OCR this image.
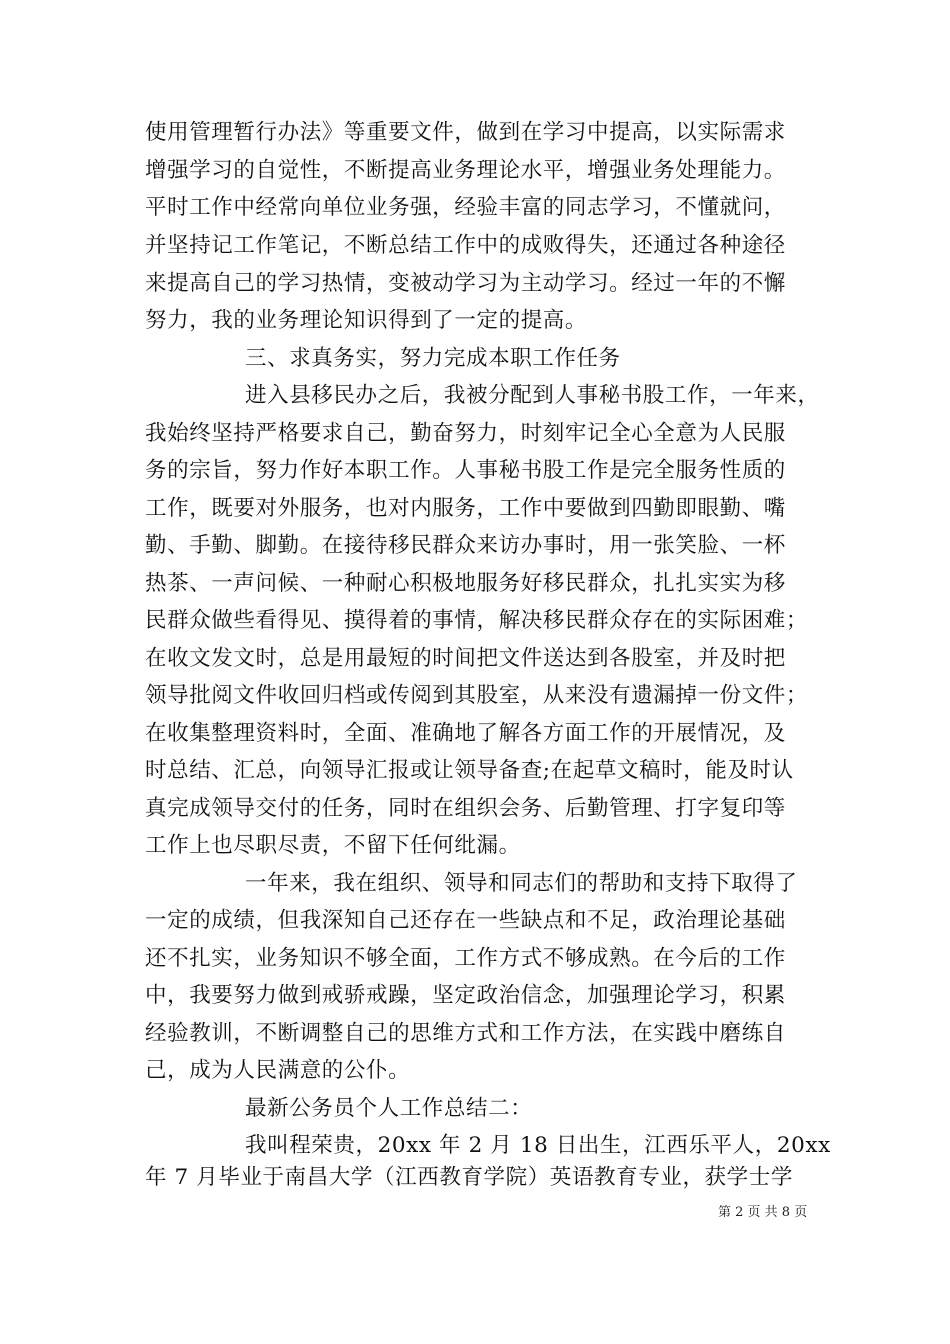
使用管理暂行办法》等重要文件，做到在学习中提高，以实际需求
增强学习的自觉性，不断提高业务理论水平，增强业务处理能力。
平时工作中经常向单位业务强，经验丰富的同志学习，不懂就问，
并坚持记工作笔记，不断总结工作中的成败得失，还通过各种途径
来提高自己的学习热情，变被动学习为主动学习。经过一年的不懈
努力，我的业务理论知识得到了一定的提高。
三、求真务实，努力完成本职工作任务
进入县移民办之后，我被分配到人事秘书股工作，一年来，
我始终坚持严格要求自己，勤奋努力，时刻牢记全心全意为人民服
务的宗旨，努力作好本职工作。人事秘书股工作是完全服务性质的
工作，既要对外服务，也对内服务，工作中要做到四勤即眼勤、嘴
勤、手勤、脚勤。在接待移民群众来访办事时，用一张笑脸、一杯
热茶、一声问候、一种耐心积极地服务好移民群众，扎扎实实为移
民群众做些看得见、摸得着的事情，解决移民群众存在的实际困难；
在收文发文时，总是用最短的时间把文件送达到各股室，并及时把
领导批阅文件收回归档或传阅到其股室，从来没有遗漏掉一份文件；
在收集整理资料时，全面、准确地了解各方面工作的开展情况，及
时总结、汇总，向领导汇报或让领导备查;在起草文稿时，能及时认
真完成领导交付的任务，同时在组织会务、后勤管理、打字复印等
工作上也尽职尽责，不留下任何纰漏。
一年来，我在组织、领导和同志们的帮助和支持下取得了
一定的成绩，但我深知自己还存在一些缺点和不足，政治理论基础
还不扎实，业务知识不够全面，工作方式不够成熟。在今后的工作
中，我要努力做到戒骄戒躁，坚定政治信念，加强理论学习，积累
经验教训，不断调整自己的思维方式和工作方法，在实践中磨练自
己，成为人民满意的公仆。
最新公务员个人工作总结二：
我叫程荣贵，20xx 年 2 月 18 日出生，江西乐平人，20xx
年 7 月毕业于南昌大学（江西教育学院）英语教育专业，获学士学
第 2 页 共 8 页
